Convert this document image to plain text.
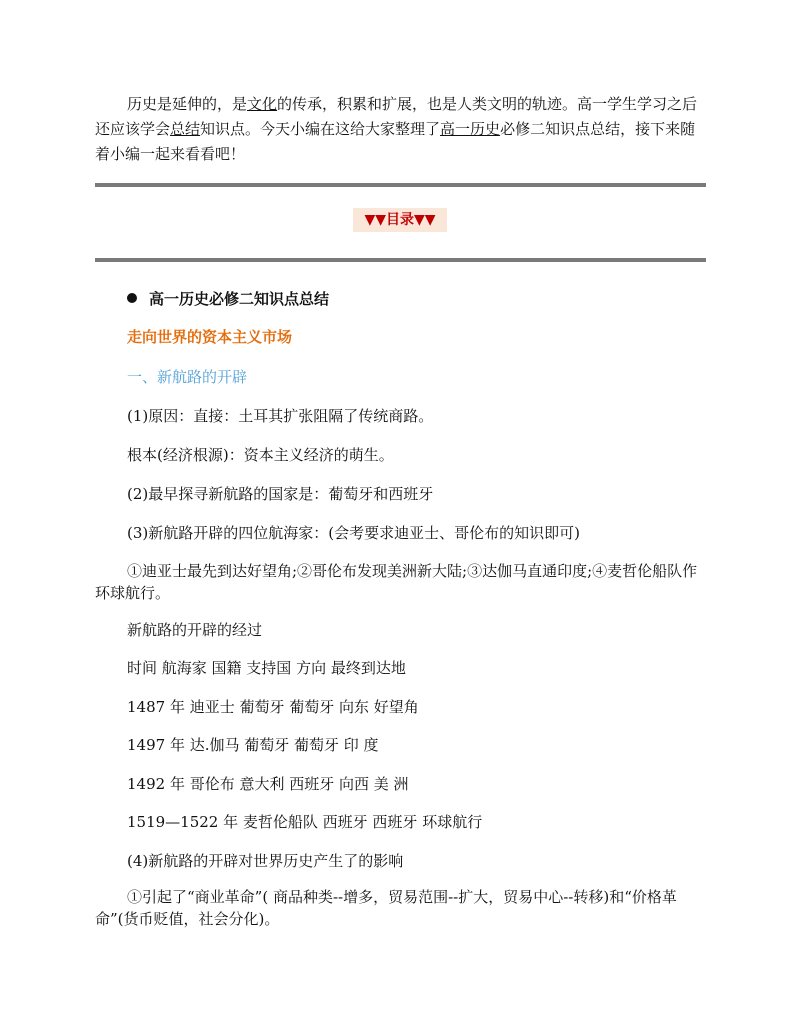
历史是延伸的，是文化的传承，积累和扩展，也是人类文明的轨迹。高一学生学习之后还应该学会总结知识点。今天小编在这给大家整理了高一历史必修二知识点总结，接下来随着小编一起来看看吧！

▼▼目录▼▼
高一历史必修二知识点总结

走向世界的资本主义市场

一、新航路的开辟

(1)原因：直接：土耳其扩张阻隔了传统商路。

根本(经济根源)：资本主义经济的萌生。

(2)最早探寻新航路的国家是：葡萄牙和西班牙

(3)新航路开辟的四位航海家：(会考要求迪亚士、哥伦布的知识即可)

①迪亚士最先到达好望角;②哥伦布发现美洲新大陆;③达伽马直通印度;④麦哲伦船队作环球航行。

新航路的开辟的经过

时间 航海家 国籍 支持国 方向 最终到达地

1487 年 迪亚士 葡萄牙 葡萄牙 向东 好望角

1497 年 达.伽马 葡萄牙 葡萄牙 印 度

1492 年 哥伦布 意大利 西班牙 向西 美 洲

1519—1522 年 麦哲伦船队 西班牙 西班牙 环球航行

(4)新航路的开辟对世界历史产生了的影响

①引起了“商业革命”( 商品种类--增多，贸易范围--扩大，贸易中心--转移)和“价格革命”(货币贬值，社会分化)。
